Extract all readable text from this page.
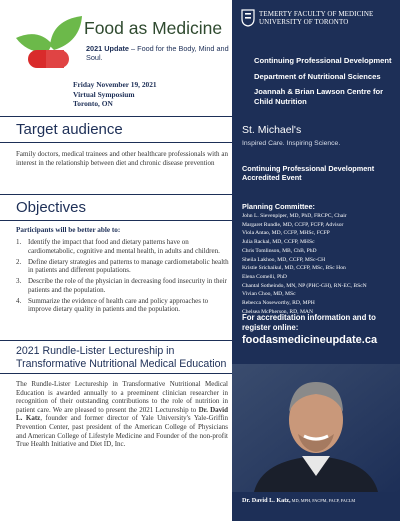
Food as Medicine
2021 Update – Food for the Body, Mind and Soul.
Friday November 19, 2021
Virtual Symposium
Toronto, ON
Target audience
Family doctors, medical trainees and other healthcare professionals with an interest in the relationship between diet and chronic disease prevention
Objectives
Participants will be better able to:
1. Identify the impact that food and dietary patterns have on cardiometabolic, cognitive and mental health, in adults and children.
2. Define dietary strategies and patterns to manage cardiometabolic health in patients and different populations.
3. Describe the role of the physician in decreasing food insecurity in their patients and the population.
4. Summarize the evidence of health care and policy approaches to improve dietary quality in patients and the population.
2021 Rundle-Lister Lectureship in Transformative Nutritional Medical Education
The Rundle-Lister Lectureship in Transformative Nutritional Medical Education is awarded annually to a preeminent clinician researcher in recognition of their outstanding contributions to the role of nutrition in patient care. We are pleased to present the 2021 Lectureship to Dr. David L. Katz, founder and former director of Yale University's Yale-Griffin Prevention Center, past president of the American College of Physicians and American College of Lifestyle Medicine and Founder of the non-profit True Health Initiative and Diet ID, Inc.
TEMERTY FACULTY OF MEDICINE
UNIVERSITY OF TORONTO
Continuing Professional Development
Department of Nutritional Sciences
Joannah & Brian Lawson Centre for Child Nutrition
St. Michael's
Inspired Care. Inspiring Science.
Continuing Professional Development Accredited Event
Planning Committee:
John L. Sievenpiper, MD, PhD, FRCPC, Chair
Margaret Rundle, MD, CCFP, FCFP, Advisor
Viola Antao, MD, CCFP, MHSc, FCFP
Julia Rackal, MD, CCFP, MHSc
Chris Tomlinson, MB, ChB, PhD
Sheila Lakhoo, MD, CCFP, MSc-CH
Kristie Srichaikul, MD, CCFP, MSc, BSc Hon
Elena Comelli, PhD
Chantal Sotheindo, MN, NP (PHC-GH), RN-EC, BScN
Vivian Choo, MD, MSc
Rebecca Noseworthy, RD, MPH
Chelsea McPherson, RD, MAN
For accreditation information and to register online:
foodasmedicineupdate.ca
Dr. David L. Katz, MD, MPH, FACPM, FACP, FACLM
